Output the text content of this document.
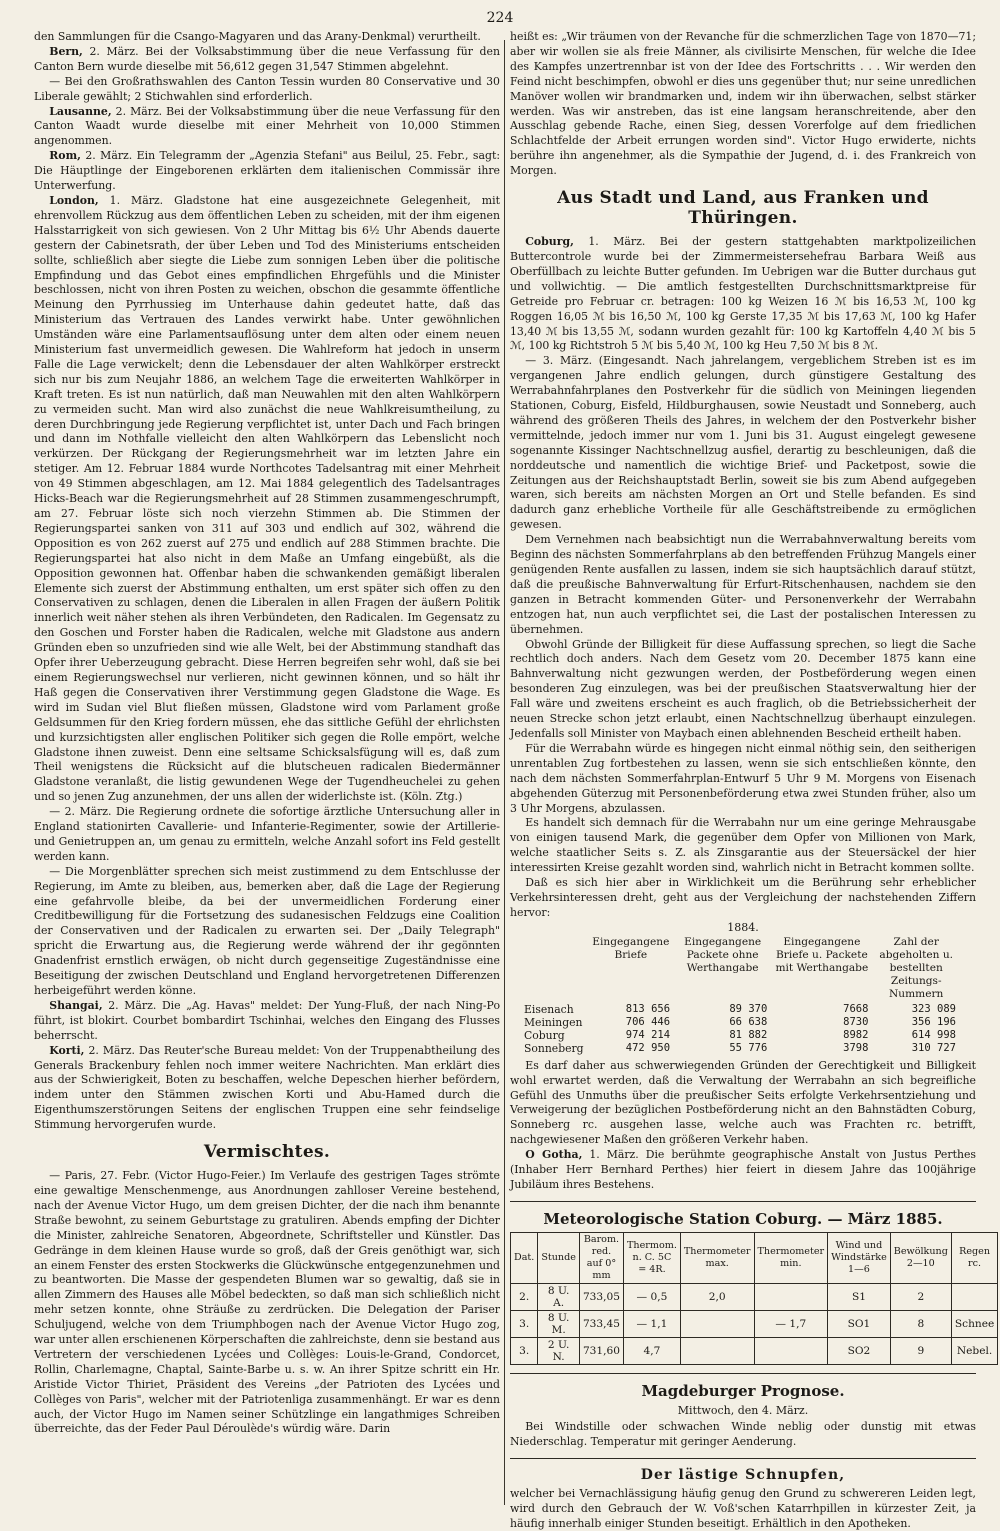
224

den Sammlungen für die Csango-Magyaren und das Arany-Denkmal) verurtheilt.

Bern, 2. März. Bei der Volksabstimmung über die neue Verfassung für den Canton Bern wurde dieselbe mit 56,612 gegen 31,547 Stimmen abgelehnt.

— Bei den Großrathswahlen des Canton Tessin wurden 80 Conservative und 30 Liberale gewählt; 2 Stichwahlen sind erforderlich.

Lausanne, 2. März. Bei der Volksabstimmung über die neue Verfassung für den Canton Waadt wurde dieselbe mit einer Mehrheit von 10,000 Stimmen angenommen.

Rom, 2. März. Ein Telegramm der „Agenzia Stefani" aus Beilul, 25. Febr., sagt: Die Häuptlinge der Eingeborenen erklärten dem italienischen Commissär ihre Unterwerfung.

London, 1. März. Gladstone hat eine ausgezeichnete Gelegenheit, mit ehrenvollem Rückzug aus dem öffentlichen Leben zu scheiden, mit der ihm eigenen Halsstarrigkeit von sich gewiesen. Von 2 Uhr Mittag bis 6½ Uhr Abends dauerte gestern der Cabinetsrath, der über Leben und Tod des Ministeriums entscheiden sollte, schließlich aber siegte die Liebe zum sonnigen Leben über die politische Empfindung und das Gebot eines empfindlichen Ehrgefühls und die Minister beschlossen, nicht von ihren Posten zu weichen, obschon die gesammte öffentliche Meinung den Pyrrhussieg im Unterhause dahin gedeutet hatte, daß das Ministerium das Vertrauen des Landes verwirkt habe. Unter gewöhnlichen Umständen wäre eine Parlamentsauflösung unter dem alten oder einem neuen Ministerium fast unvermeidlich gewesen. Die Wahlreform hat jedoch in unserm Falle die Lage verwickelt; denn die Lebensdauer der alten Wahlkörper erstreckt sich nur bis zum Neujahr 1886, an welchem Tage die erweiterten Wahlkörper in Kraft treten. Es ist nun natürlich, daß man Neuwahlen mit den alten Wahlkörpern zu vermeiden sucht. Man wird also zunächst die neue Wahlkreisumtheilung, zu deren Durchbringung jede Regierung verpflichtet ist, unter Dach und Fach bringen und dann im Nothfalle vielleicht den alten Wahlkörpern das Lebenslicht noch verkürzen. Der Rückgang der Regierungsmehrheit war im letzten Jahre ein stetiger. Am 12. Februar 1884 wurde Northcotes Tadelsantrag mit einer Mehrheit von 49 Stimmen abgeschlagen, am 12. Mai 1884 gelegentlich des Tadelsantrages Hicks-Beach war die Regierungsmehrheit auf 28 Stimmen zusammengeschrumpft, am 27. Februar löste sich noch vierzehn Stimmen ab. Die Stimmen der Regierungspartei sanken von 311 auf 303 und endlich auf 302, während die Opposition es von 262 zuerst auf 275 und endlich auf 288 Stimmen brachte. Die Regierungspartei hat also nicht in dem Maße an Umfang eingebüßt, als die Opposition gewonnen hat. Offenbar haben die schwankenden gemäßigt liberalen Elemente sich zuerst der Abstimmung enthalten, um erst später sich offen zu den Conservativen zu schlagen, denen die Liberalen in allen Fragen der äußern Politik innerlich weit näher stehen als ihren Verbündeten, den Radicalen. Im Gegensatz zu den Goschen und Forster haben die Radicalen, welche mit Gladstone aus andern Gründen eben so unzufrieden sind wie alle Welt, bei der Abstimmung standhaft das Opfer ihrer Ueberzeugung gebracht. Diese Herren begreifen sehr wohl, daß sie bei einem Regierungswechsel nur verlieren, nicht gewinnen können, und so hält ihr Haß gegen die Conservativen ihrer Verstimmung gegen Gladstone die Wage. Es wird im Sudan viel Blut fließen müssen, Gladstone wird vom Parlament große Geldsummen für den Krieg fordern müssen, ehe das sittliche Gefühl der ehrlichsten und kurzsichtigsten aller englischen Politiker sich gegen die Rolle empört, welche Gladstone ihnen zuweist. Denn eine seltsame Schicksalsfügung will es, daß zum Theil wenigstens die Rücksicht auf die blutscheuen radicalen Biedermänner Gladstone veranlaßt, die listig gewundenen Wege der Tugendheuchelei zu gehen und so jenen Zug anzunehmen, der uns allen der widerlichste ist. (Köln. Ztg.)

— 2. März. Die Regierung ordnete die sofortige ärztliche Untersuchung aller in England stationirten Cavallerie- und Infanterie-Regimenter, sowie der Artillerie- und Genietruppen an, um genau zu ermitteln, welche Anzahl sofort ins Feld gestellt werden kann.

— Die Morgenblätter sprechen sich meist zustimmend zu dem Entschlusse der Regierung, im Amte zu bleiben, aus, bemerken aber, daß die Lage der Regierung eine gefahrvolle bleibe, da bei der unvermeidlichen Forderung einer Creditbewilligung für die Fortsetzung des sudanesischen Feldzugs eine Coalition der Conservativen und der Radicalen zu erwarten sei. Der „Daily Telegraph" spricht die Erwartung aus, die Regierung werde während der ihr gegönnten Gnadenfrist ernstlich erwägen, ob nicht durch gegenseitige Zugeständnisse eine Beseitigung der zwischen Deutschland und England hervorgetretenen Differenzen herbeigeführt werden könne.

Shangai, 2. März. Die „Ag. Havas" meldet: Der Yung-Fluß, der nach Ning-Po führt, ist blokirt. Courbet bombardirt Tschinhai, welches den Eingang des Flusses beherrscht.

Korti, 2. März. Das Reuter'sche Bureau meldet: Von der Truppenabtheilung des Generals Brackenbury fehlen noch immer weitere Nachrichten. Man erklärt dies aus der Schwierigkeit, Boten zu beschaffen, welche Depeschen hierher befördern, indem unter den Stämmen zwischen Korti und Abu-Hamed durch die Eigenthumszerstörungen Seitens der englischen Truppen eine sehr feindselige Stimmung hervorgerufen wurde.

Vermischtes.

— Paris, 27. Febr. (Victor Hugo-Feier.) Im Verlaufe des gestrigen Tages strömte eine gewaltige Menschenmenge, aus Anordnungen zahlloser Vereine bestehend, nach der Avenue Victor Hugo, um dem greisen Dichter, der die nach ihm benannte Straße bewohnt, zu seinem Geburtstage zu gratuliren. Abends empfing der Dichter die Minister, zahlreiche Senatoren, Abgeordnete, Schriftsteller und Künstler. Das Gedränge in dem kleinen Hause wurde so groß, daß der Greis genöthigt war, sich an einem Fenster des ersten Stockwerks die Glückwünsche entgegenzunehmen und zu beantworten. Die Masse der gespendeten Blumen war so gewaltig, daß sie in allen Zimmern des Hauses alle Möbel bedeckten, so daß man sich schließlich nicht mehr setzen konnte, ohne Sträuße zu zerdrücken. Die Delegation der Pariser Schuljugend, welche von dem Triumphbogen nach der Avenue Victor Hugo zog, war unter allen erschienenen Körperschaften die zahlreichste, denn sie bestand aus Vertretern der verschiedenen Lycées und Collèges: Louis-le-Grand, Condorcet, Rollin, Charlemagne, Chaptal, Sainte-Barbe u. s. w. An ihrer Spitze schritt ein Hr. Aristide Victor Thiriet, Präsident des Vereins „der Patrioten des Lycées und Collèges von Paris", welcher mit der Patriotenliga zusammenhängt. Er war es denn auch, der Victor Hugo im Namen seiner Schützlinge ein langathmiges Schreiben überreichte, das der Feder Paul Déroulède's würdig wäre. Darin

heißt es: „Wir träumen von der Revanche für die schmerzlichen Tage von 1870—71; aber wir wollen sie als freie Männer, als civilisirte Menschen, für welche die Idee des Kampfes unzertrennbar ist von der Idee des Fortschritts . . . Wir werden den Feind nicht beschimpfen, obwohl er dies uns gegenüber thut; nur seine unredlichen Manöver wollen wir brandmarken und, indem wir ihn überwachen, selbst stärker werden. Was wir anstreben, das ist eine langsam heranschreitende, aber den Ausschlag gebende Rache, einen Sieg, dessen Vorerfolge auf dem friedlichen Schlachtfelde der Arbeit errungen worden sind". Victor Hugo erwiderte, nichts berühre ihn angenehmer, als die Sympathie der Jugend, d. i. des Frankreich von Morgen.

Aus Stadt und Land, aus Franken und Thüringen.

Coburg, 1. März. Bei der gestern stattgehabten marktpolizeilichen Buttercontrole wurde bei der Zimmermeistersehefrau Barbara Weiß aus Oberfüllbach zu leichte Butter gefunden. Im Uebrigen war die Butter durchaus gut und vollwichtig. — Die amtlich festgestellten Durchschnittsmarktpreise für Getreide pro Februar cr. betragen: 100 kg Weizen 16 ℳ bis 16,53 ℳ, 100 kg Roggen 16,05 ℳ bis 16,50 ℳ, 100 kg Gerste 17,35 ℳ bis 17,63 ℳ, 100 kg Hafer 13,40 ℳ bis 13,55 ℳ, sodann wurden gezahlt für: 100 kg Kartoffeln 4,40 ℳ bis 5 ℳ, 100 kg Richtstroh 5 ℳ bis 5,40 ℳ, 100 kg Heu 7,50 ℳ bis 8 ℳ.

— 3. März. (Eingesandt. Nach jahrelangem, vergeblichem Streben ist es im vergangenen Jahre endlich gelungen, durch günstigere Gestaltung des Werrabahnfahrplanes den Postverkehr für die südlich von Meiningen liegenden Stationen, Coburg, Eisfeld, Hildburghausen, sowie Neustadt und Sonneberg, auch während des größeren Theils des Jahres, in welchem der den Postverkehr bisher vermittelnde, jedoch immer nur vom 1. Juni bis 31. August eingelegt gewesene sogenannte Kissinger Nachtschnellzug ausfiel, derartig zu beschleunigen, daß die norddeutsche und namentlich die wichtige Brief- und Packetpost, sowie die Zeitungen aus der Reichshauptstadt Berlin, soweit sie bis zum Abend aufgegeben waren, sich bereits am nächsten Morgen an Ort und Stelle befanden. Es sind dadurch ganz erhebliche Vortheile für alle Geschäftstreibende zu ermöglichen gewesen.

Dem Vernehmen nach beabsichtigt nun die Werrabahnverwaltung bereits vom Beginn des nächsten Sommerfahrplans ab den betreffenden Frühzug Mangels einer genügenden Rente ausfallen zu lassen, indem sie sich hauptsächlich darauf stützt, daß die preußische Bahnverwaltung für Erfurt-Ritschenhausen, nachdem sie den ganzen in Betracht kommenden Güter- und Personenverkehr der Werrabahn entzogen hat, nun auch verpflichtet sei, die Last der postalischen Interessen zu übernehmen.

Obwohl Gründe der Billigkeit für diese Auffassung sprechen, so liegt die Sache rechtlich doch anders. Nach dem Gesetz vom 20. December 1875 kann eine Bahnverwaltung nicht gezwungen werden, der Postbeförderung wegen einen besonderen Zug einzulegen, was bei der preußischen Staatsverwaltung hier der Fall wäre und zweitens erscheint es auch fraglich, ob die Betriebssicherheit der neuen Strecke schon jetzt erlaubt, einen Nachtschnellzug überhaupt einzulegen. Jedenfalls soll Minister von Maybach einen ablehnenden Bescheid ertheilt haben.

Für die Werrabahn würde es hingegen nicht einmal nöthig sein, den seitherigen unrentablen Zug fortbestehen zu lassen, wenn sie sich entschließen könnte, den nach dem nächsten Sommerfahrplan-Entwurf 5 Uhr 9 M. Morgens von Eisenach abgehenden Güterzug mit Personenbeförderung etwa zwei Stunden früher, also um 3 Uhr Morgens, abzulassen.

Es handelt sich demnach für die Werrabahn nur um eine geringe Mehrausgabe von einigen tausend Mark, die gegenüber dem Opfer von Millionen von Mark, welche staatlicher Seits s. Z. als Zinsgarantie aus der Steuersäckel der hier interessirten Kreise gezahlt worden sind, wahrlich nicht in Betracht kommen sollte.

Daß es sich hier aber in Wirklichkeit um die Berührung sehr erheblicher Verkehrsinteressen dreht, geht aus der Vergleichung der nachstehenden Ziffern hervor:

1884.
	Eingegangene Briefe	Eingegangene Packete ohne Werthangabe	Eingegangene Briefe u. Packete mit Werthangabe	Zahl der abgeholten u. bestellten Zeitungs-Nummern
Eisenach	813 656	89 370	7668	323 089
Meiningen	706 446	66 638	8730	356 196
Coburg	974 214	81 882	8982	614 998
Sonneberg	472 950	55 776	3798	310 727

Es darf daher aus schwerwiegenden Gründen der Gerechtigkeit und Billigkeit wohl erwartet werden, daß die Verwaltung der Werrabahn an sich begreifliche Gefühl des Unmuths über die preußischer Seits erfolgte Verkehrsentziehung und Verweigerung der bezüglichen Postbeförderung nicht an den Bahnstädten Coburg, Sonneberg rc. ausgehen lasse, welche auch was Frachten rc. betrifft, nachgewiesener Maßen den größeren Verkehr haben.

O Gotha, 1. März. Die berühmte geographische Anstalt von Justus Perthes (Inhaber Herr Bernhard Perthes) hier feiert in diesem Jahre das 100jährige Jubiläum ihres Bestehens.

Meteorologische Station Coburg. — März 1885.
Dat.	Stunde	Barom. red. auf 0° mm	Thermom. n. C. 5C = 4R.	Thermometer max.	Thermometer min.	Wind und Windstärke 1—6	Bewölkung 2—10	Regen rc.
2.	8 U. A.	733,05	— 0,5	2,0		S1	2	
3.	8 U. M.	733,45	— 1,1		— 1,7	SO1	8	Schnee
3.	2 U. N.	731,60	4,7			SO2	9	Nebel.
Magdeburger Prognose.
Mittwoch, den 4. März.

Bei Windstille oder schwachen Winde neblig oder dunstig mit etwas Niederschlag. Temperatur mit geringer Aenderung.

Der lästige Schnupfen,

welcher bei Vernachlässigung häufig genug den Grund zu schwereren Leiden legt, wird durch den Gebrauch der W. Voß'schen Katarrhpillen in kürzester Zeit, ja häufig innerhalb einiger Stunden beseitigt. Erhältlich in den Apotheken.
